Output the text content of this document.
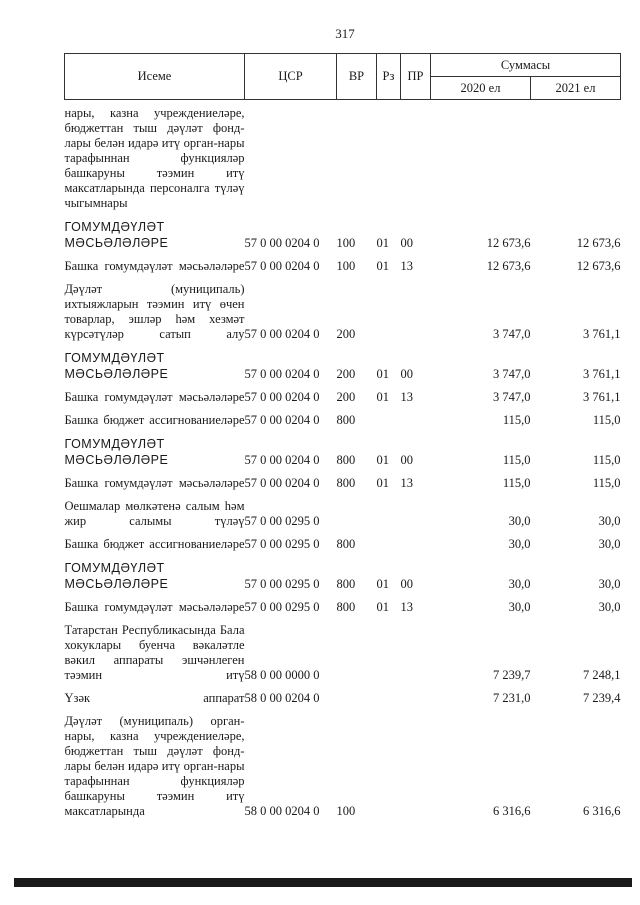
317
Исеме	ЦСР	ВР	Рз	ПР	Суммасы	
					2020 ел	2021 ел
нары, казна учреждениеләре, бюджеттан тыш дәүләт фонд-лары белән идарә итү орган-нары тарафыннан функцияләр башкаруны тәэмин итү максатларында персоналга түләү чыгымнары						
ГОМУМДӘҮЛӘТ МӘСЬӘЛӘЛӘРЕ	57 0 00 0204 0	100	01	00	12 673,6	12 673,6
Башка гомумдәүләт мәсьәләләре	57 0 00 0204 0	100	01	13	12 673,6	12 673,6
Дәүләт (муниципаль) ихтыяжларын тәэмин итү өчен товарлар, эшләр һәм хезмәт күрсәтүләр сатып алу	57 0 00 0204 0	200			3 747,0	3 761,1
ГОМУМДӘҮЛӘТ МӘСЬӘЛӘЛӘРЕ	57 0 00 0204 0	200	01	00	3 747,0	3 761,1
Башка гомумдәүләт мәсьәләләре	57 0 00 0204 0	200	01	13	3 747,0	3 761,1
Башка бюджет ассигнованиеләре	57 0 00 0204 0	800			115,0	115,0
ГОМУМДӘҮЛӘТ МӘСЬӘЛӘЛӘРЕ	57 0 00 0204 0	800	01	00	115,0	115,0
Башка гомумдәүләт мәсьәләләре	57 0 00 0204 0	800	01	13	115,0	115,0
Оешмалар мөлкәтенә салым һәм жир салымы түләү	57 0 00 0295 0				30,0	30,0
Башка бюджет ассигнованиеләре	57 0 00 0295 0	800			30,0	30,0
ГОМУМДӘҮЛӘТ МӘСЬӘЛӘЛӘРЕ	57 0 00 0295 0	800	01	00	30,0	30,0
Башка гомумдәүләт мәсьәләләре	57 0 00 0295 0	800	01	13	30,0	30,0
Татарстан Республикасында Бала хокуклары буенча вәкаләтле вәкил аппараты эшчәнлеген тәэмин итү	58 0 00 0000 0				7 239,7	7 248,1
Үзәк аппарат	58 0 00 0204 0				7 231,0	7 239,4
Дәүләт (муниципаль) орган-нары, казна учреждениеләре, бюджеттан тыш дәүләт фонд-лары белән идарә итү орган-нары тарафыннан функцияләр башкаруны тәэмин итү максатларында	58 0 00 0204 0	100			6 316,6	6 316,6
